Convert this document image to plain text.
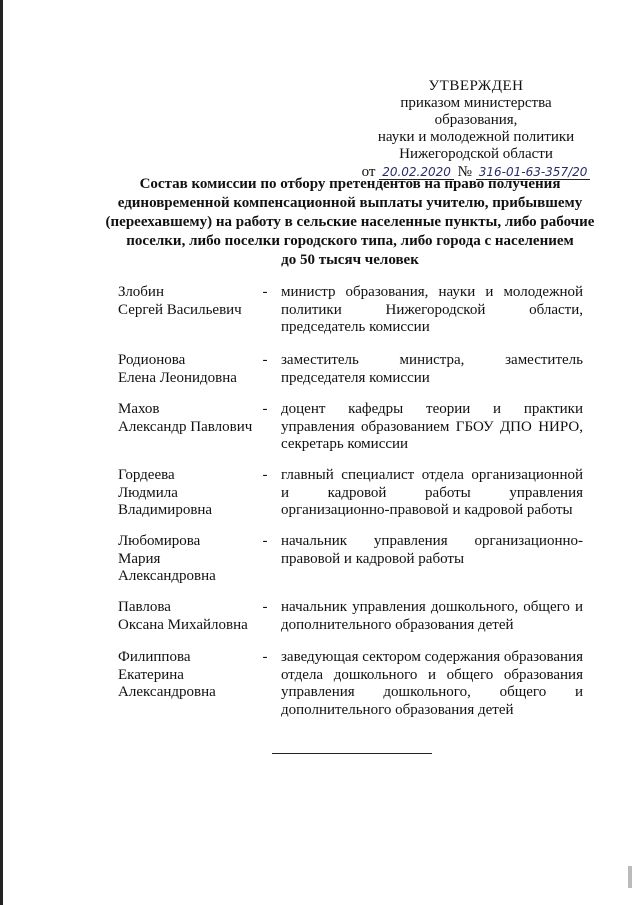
УТВЕРЖДЕН
приказом министерства образования,
науки и молодежной политики
Нижегородской области
от 20.02.2020 № 316-01-63-357/20
Состав комиссии по отбору претендентов на право получения
единовременной компенсационной выплаты учителю, прибывшему
(переехавшему) на работу в сельские населенные пункты, либо рабочие
поселки, либо поселки городского типа, либо города с населением
до 50 тысяч человек
Злобин
Сергей Васильевич
- министр образования, науки и молодежной политики Нижегородской области, председатель комиссии
Родионова
Елена Леонидовна
- заместитель министра, заместитель председателя комиссии
Махов
Александр Павлович
- доцент кафедры теории и практики управления образованием ГБОУ ДПО НИРО, секретарь комиссии
Гордеева
Людмила
Владимировна
- главный специалист отдела организационной и кадровой работы управления организационно-правовой и кадровой работы
Любомирова
Мария
Александровна
- начальник управления организационно-правовой и кадровой работы
Павлова
Оксана Михайловна
- начальник управления дошкольного, общего и дополнительного образования детей
Филиппова
Екатерина
Александровна
- заведующая сектором содержания образования отдела дошкольного и общего образования управления дошкольного, общего и дополнительного образования детей
